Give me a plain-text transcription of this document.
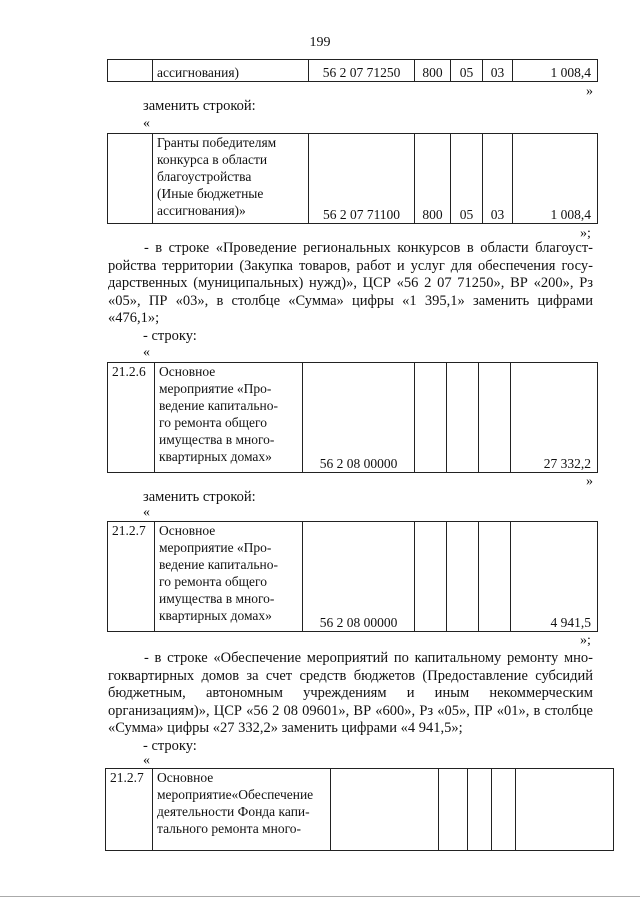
199
	ассигнования)	56 2 07 71250	800	05	03	1 008,4
»
заменить строкой:
«

Гранты победителям
конкурса в области
благоустройства
(Иные бюджетные
ассигнования)»	56 2 07 71100	800	05	03	1 008,4
»;
- в строке «Проведение региональных конкурсов в области благоуст-ройства территории (Закупка товаров, работ и услуг для обеспечения госу-дарственных (муниципальных) нужд)», ЦСР «56 2 07 71250», ВР «200», Рз «05», ПР «03», в столбце «Сумма» цифры «1 395,1» заменить цифрами «476,1»;
- строку:
«
21.2.6	Основное
мероприятие «Про-
ведение капитально-
го ремонта общего
имущества в много-
квартирных домах»	56 2 08 00000				27 332,2
»
заменить строкой:
«
21.2.7	Основное
мероприятие «Про-
ведение капитально-
го ремонта общего
имущества в много-
квартирных домах»	56 2 08 00000				4 941,5
»;
- в строке «Обеспечение мероприятий по капитальному ремонту мно-гоквартирных домов за счет средств бюджетов (Предоставление субсидий бюджетным, автономным учреждениям и иным некоммерческим организациям)», ЦСР «56 2 08 09601», ВР «600», Рз «05», ПР «01», в столбце «Сумма» цифры «27 332,2» заменить цифрами «4 941,5»;
- строку:
«
21.2.7	Основное
мероприятие«Обеспечение
деятельности Фонда капи-
тального ремонта много-
